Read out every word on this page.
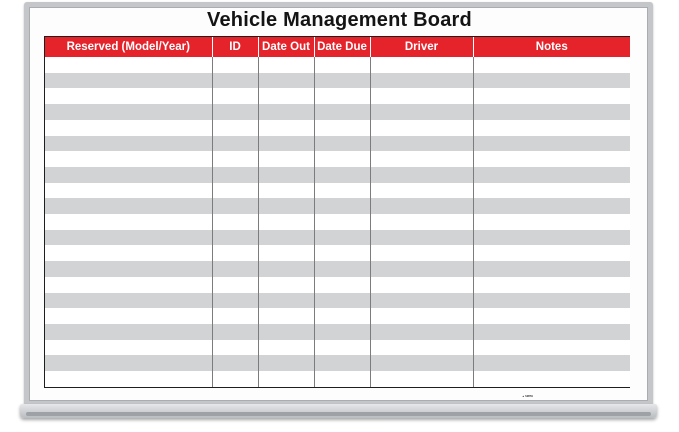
Vehicle Management Board
Reserved (Model/Year)	ID	Date Out	Date Due	Driver	Notes

▲ SMITH
